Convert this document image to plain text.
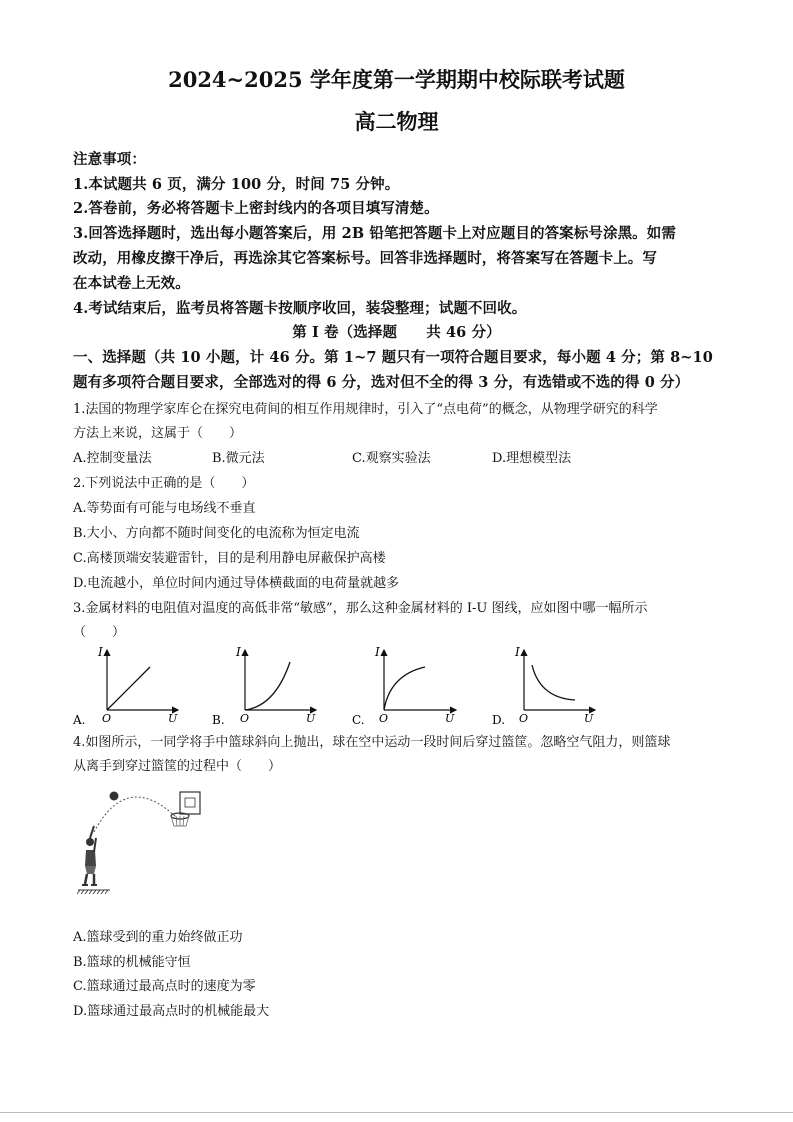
2024~2025 学年度第一学期期中校际联考试题
高二物理
注意事项：
1.本试题共 6 页，满分 100 分，时间 75 分钟。
2.答卷前，务必将答题卡上密封线内的各项目填写清楚。
3.回答选择题时，选出每小题答案后，用 2B 铅笔把答题卡上对应题目的答案标号涂黑。如需
改动，用橡皮擦干净后，再选涂其它答案标号。回答非选择题时，将答案写在答题卡上。写
在本试卷上无效。
4.考试结束后，监考员将答题卡按顺序收回，装袋整理；试题不回收。
第 I 卷（选择题　　共 46 分）
一、选择题（共 10 小题，计 46 分。第 1~7 题只有一项符合题目要求，每小题 4 分；第 8~10
题有多项符合题目要求，全部选对的得 6 分，选对但不全的得 3 分，有选错或不选的得 0 分）
1.法国的物理学家库仑在探究电荷间的相互作用规律时，引入了“点电荷”的概念，从物理学研究的科学
方法上来说，这属于（　　）
A.控制变量法	B.微元法	C.观察实验法	D.理想模型法
2.下列说法中正确的是（　　）
A.等势面有可能与电场线不垂直
B.大小、方向都不随时间变化的电流称为恒定电流
C.高楼顶端安装避雷针，目的是利用静电屏蔽保护高楼
D.电流越小，单位时间内通过导体横截面的电荷量就越多
3.金属材料的电阻值对温度的高低非常“敏感”，那么这种金属材料的 I-U 图线，应如图中哪一幅所示
（　　）
I
O	U
A.
I
O	U
B.
I
O	U
C.
I
O	U
D.
4.如图所示，一同学将手中篮球斜向上抛出，球在空中运动一段时间后穿过篮筐。忽略空气阻力，则篮球
从离手到穿过篮筐的过程中（　　）
A.篮球受到的重力始终做正功
B.篮球的机械能守恒
C.篮球通过最高点时的速度为零
D.篮球通过最高点时的机械能最大
